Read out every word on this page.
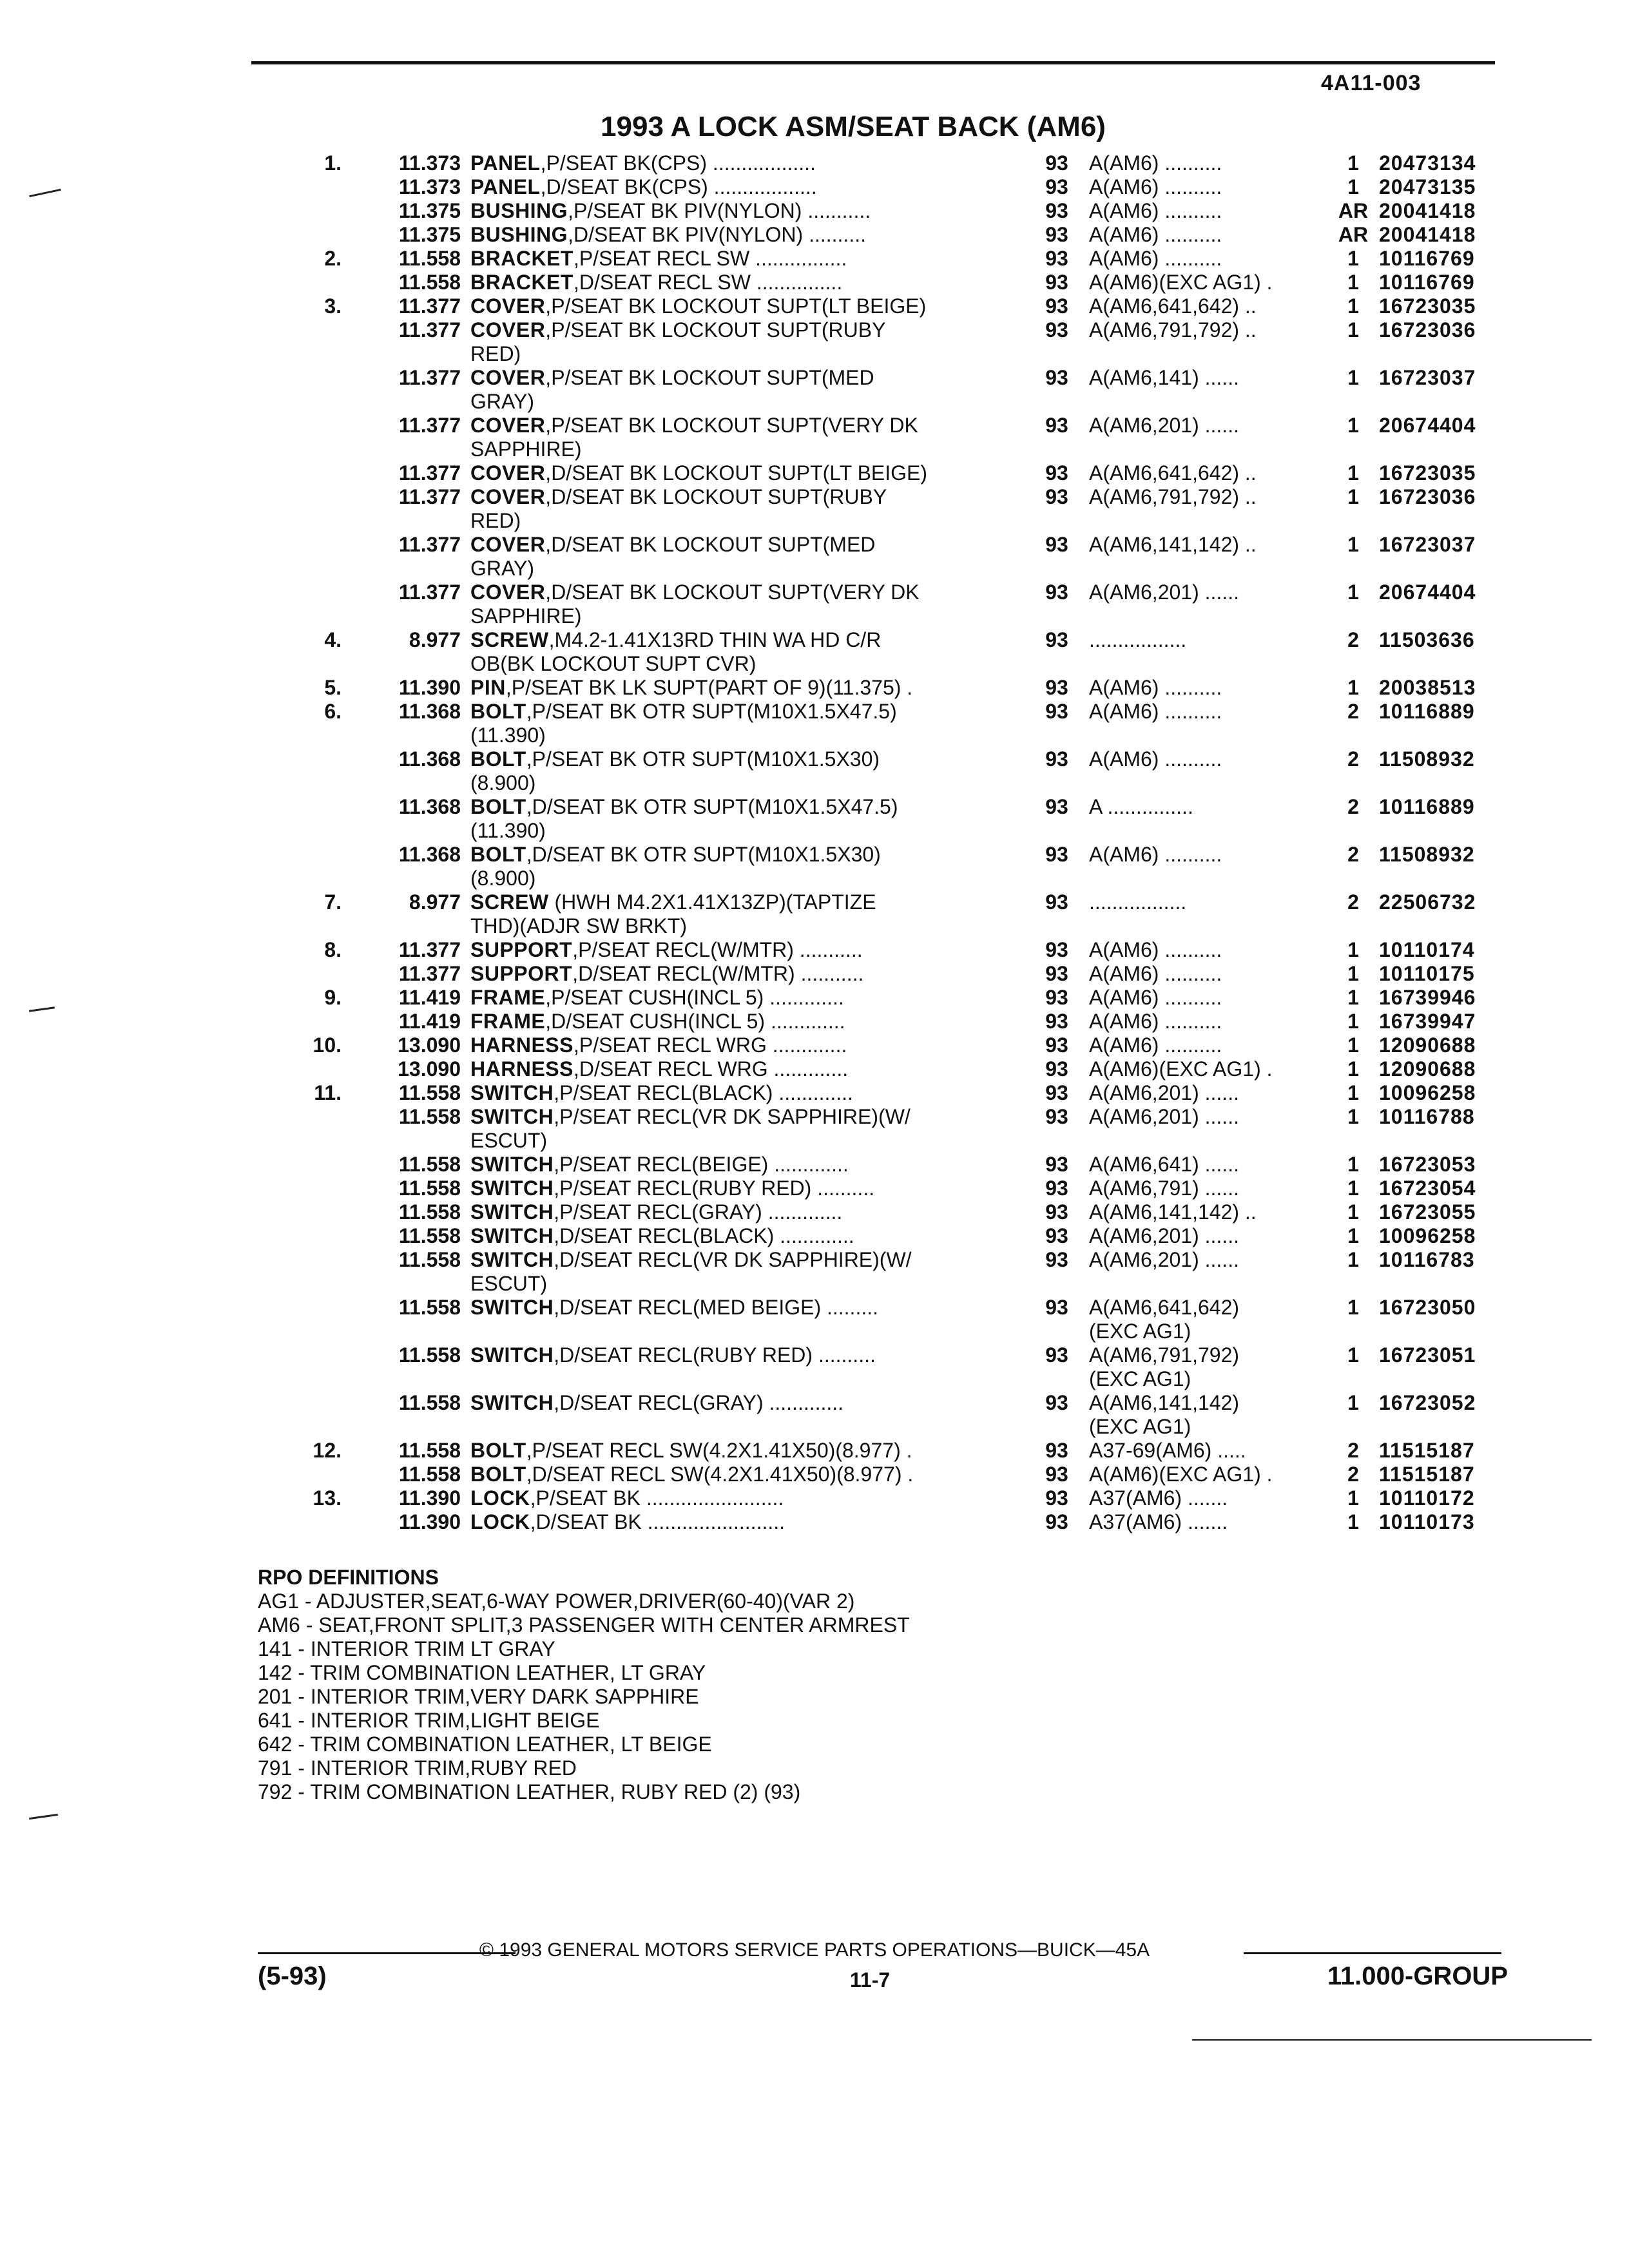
4A11-003
1993 A LOCK ASM/SEAT BACK (AM6)
1.	11.373 PANEL,P/SEAT BK(CPS) ..................	93	A(AM6) ..........	1 20473134
11.373 PANEL,D/SEAT BK(CPS) ..................	93	A(AM6) ..........	1 20473135
11.375 BUSHING,P/SEAT BK PIV(NYLON) ...........	93	A(AM6) ..........	AR 20041418
11.375 BUSHING,D/SEAT BK PIV(NYLON) ..........	93	A(AM6) ..........	AR 20041418
2.	11.558 BRACKET,P/SEAT RECL SW ................	93	A(AM6) ..........	1 10116769
11.558 BRACKET,D/SEAT RECL SW ...............	93	A(AM6)(EXC AG1) .	1 10116769
3.	11.377 COVER,P/SEAT BK LOCKOUT SUPT(LT BEIGE)	93	A(AM6,641,642) ..	1 16723035
11.377 COVER,P/SEAT BK LOCKOUT SUPT(RUBY	93	A(AM6,791,792) ..	1 16723036
RED)
11.377 COVER,P/SEAT BK LOCKOUT SUPT(MED	93	A(AM6,141) ......	1 16723037
GRAY)
11.377 COVER,P/SEAT BK LOCKOUT SUPT(VERY DK	93	A(AM6,201) ......	1 20674404
SAPPHIRE)
11.377 COVER,D/SEAT BK LOCKOUT SUPT(LT BEIGE)	93	A(AM6,641,642) ..	1 16723035
11.377 COVER,D/SEAT BK LOCKOUT SUPT(RUBY	93	A(AM6,791,792) ..	1 16723036
RED)
11.377 COVER,D/SEAT BK LOCKOUT SUPT(MED	93	A(AM6,141,142) ..	1 16723037
GRAY)
11.377 COVER,D/SEAT BK LOCKOUT SUPT(VERY DK	93	A(AM6,201) ......	1 20674404
SAPPHIRE)
4.	8.977 SCREW,M4.2-1.41X13RD THIN WA HD C/R	93	.................	2 11503636
OB(BK LOCKOUT SUPT CVR)
5.	11.390 PIN,P/SEAT BK LK SUPT(PART OF 9)(11.375) .	93	A(AM6) ..........	1 20038513
6.	11.368 BOLT,P/SEAT BK OTR SUPT(M10X1.5X47.5)	93	A(AM6) ..........	2 10116889
(11.390)
11.368 BOLT,P/SEAT BK OTR SUPT(M10X1.5X30)	93	A(AM6) ..........	2 11508932
(8.900)
11.368 BOLT,D/SEAT BK OTR SUPT(M10X1.5X47.5)	93	A ...............	2 10116889
(11.390)
11.368 BOLT,D/SEAT BK OTR SUPT(M10X1.5X30)	93	A(AM6) ..........	2 11508932
(8.900)
7.	8.977 SCREW (HWH M4.2X1.41X13ZP)(TAPTIZE	93	.................	2 22506732
THD)(ADJR SW BRKT)
8.	11.377 SUPPORT,P/SEAT RECL(W/MTR) ...........	93	A(AM6) ..........	1 10110174
11.377 SUPPORT,D/SEAT RECL(W/MTR) ...........	93	A(AM6) ..........	1 10110175
9.	11.419 FRAME,P/SEAT CUSH(INCL 5) .............	93	A(AM6) ..........	1 16739946
11.419 FRAME,D/SEAT CUSH(INCL 5) .............	93	A(AM6) ..........	1 16739947
10.	13.090 HARNESS,P/SEAT RECL WRG .............	93	A(AM6) ..........	1 12090688
13.090 HARNESS,D/SEAT RECL WRG .............	93	A(AM6)(EXC AG1) .	1 12090688
11.	11.558 SWITCH,P/SEAT RECL(BLACK) .............	93	A(AM6,201) ......	1 10096258
11.558 SWITCH,P/SEAT RECL(VR DK SAPPHIRE)(W/	93	A(AM6,201) ......	1 10116788
ESCUT)
11.558 SWITCH,P/SEAT RECL(BEIGE) .............	93	A(AM6,641) ......	1 16723053
11.558 SWITCH,P/SEAT RECL(RUBY RED) ..........	93	A(AM6,791) ......	1 16723054
11.558 SWITCH,P/SEAT RECL(GRAY) .............	93	A(AM6,141,142) ..	1 16723055
11.558 SWITCH,D/SEAT RECL(BLACK) .............	93	A(AM6,201) ......	1 10096258
11.558 SWITCH,D/SEAT RECL(VR DK SAPPHIRE)(W/	93	A(AM6,201) ......	1 10116783
ESCUT)
11.558 SWITCH,D/SEAT RECL(MED BEIGE) .........	93	A(AM6,641,642)	1 16723050
(EXC AG1)
11.558 SWITCH,D/SEAT RECL(RUBY RED) ..........	93	A(AM6,791,792)	1 16723051
(EXC AG1)
11.558 SWITCH,D/SEAT RECL(GRAY) .............	93	A(AM6,141,142)	1 16723052
(EXC AG1)
12.	11.558 BOLT,P/SEAT RECL SW(4.2X1.41X50)(8.977) .	93	A37-69(AM6) .....	2 11515187
11.558 BOLT,D/SEAT RECL SW(4.2X1.41X50)(8.977) .	93	A(AM6)(EXC AG1) .	2 11515187
13.	11.390 LOCK,P/SEAT BK ........................	93	A37(AM6) .......	1 10110172
11.390 LOCK,D/SEAT BK ........................	93	A37(AM6) .......	1 10110173
RPO DEFINITIONS
AG1 - ADJUSTER,SEAT,6-WAY POWER,DRIVER(60-40)(VAR 2)
AM6 - SEAT,FRONT SPLIT,3 PASSENGER WITH CENTER ARMREST
141 - INTERIOR TRIM LT GRAY
142 - TRIM COMBINATION LEATHER, LT GRAY
201 - INTERIOR TRIM,VERY DARK SAPPHIRE
641 - INTERIOR TRIM,LIGHT BEIGE
642 - TRIM COMBINATION LEATHER, LT BEIGE
791 - INTERIOR TRIM,RUBY RED
792 - TRIM COMBINATION LEATHER, RUBY RED (2) (93)
© 1993 GENERAL MOTORS SERVICE PARTS OPERATIONS—BUICK—45A
(5-93)	11-7	11.000-GROUP
